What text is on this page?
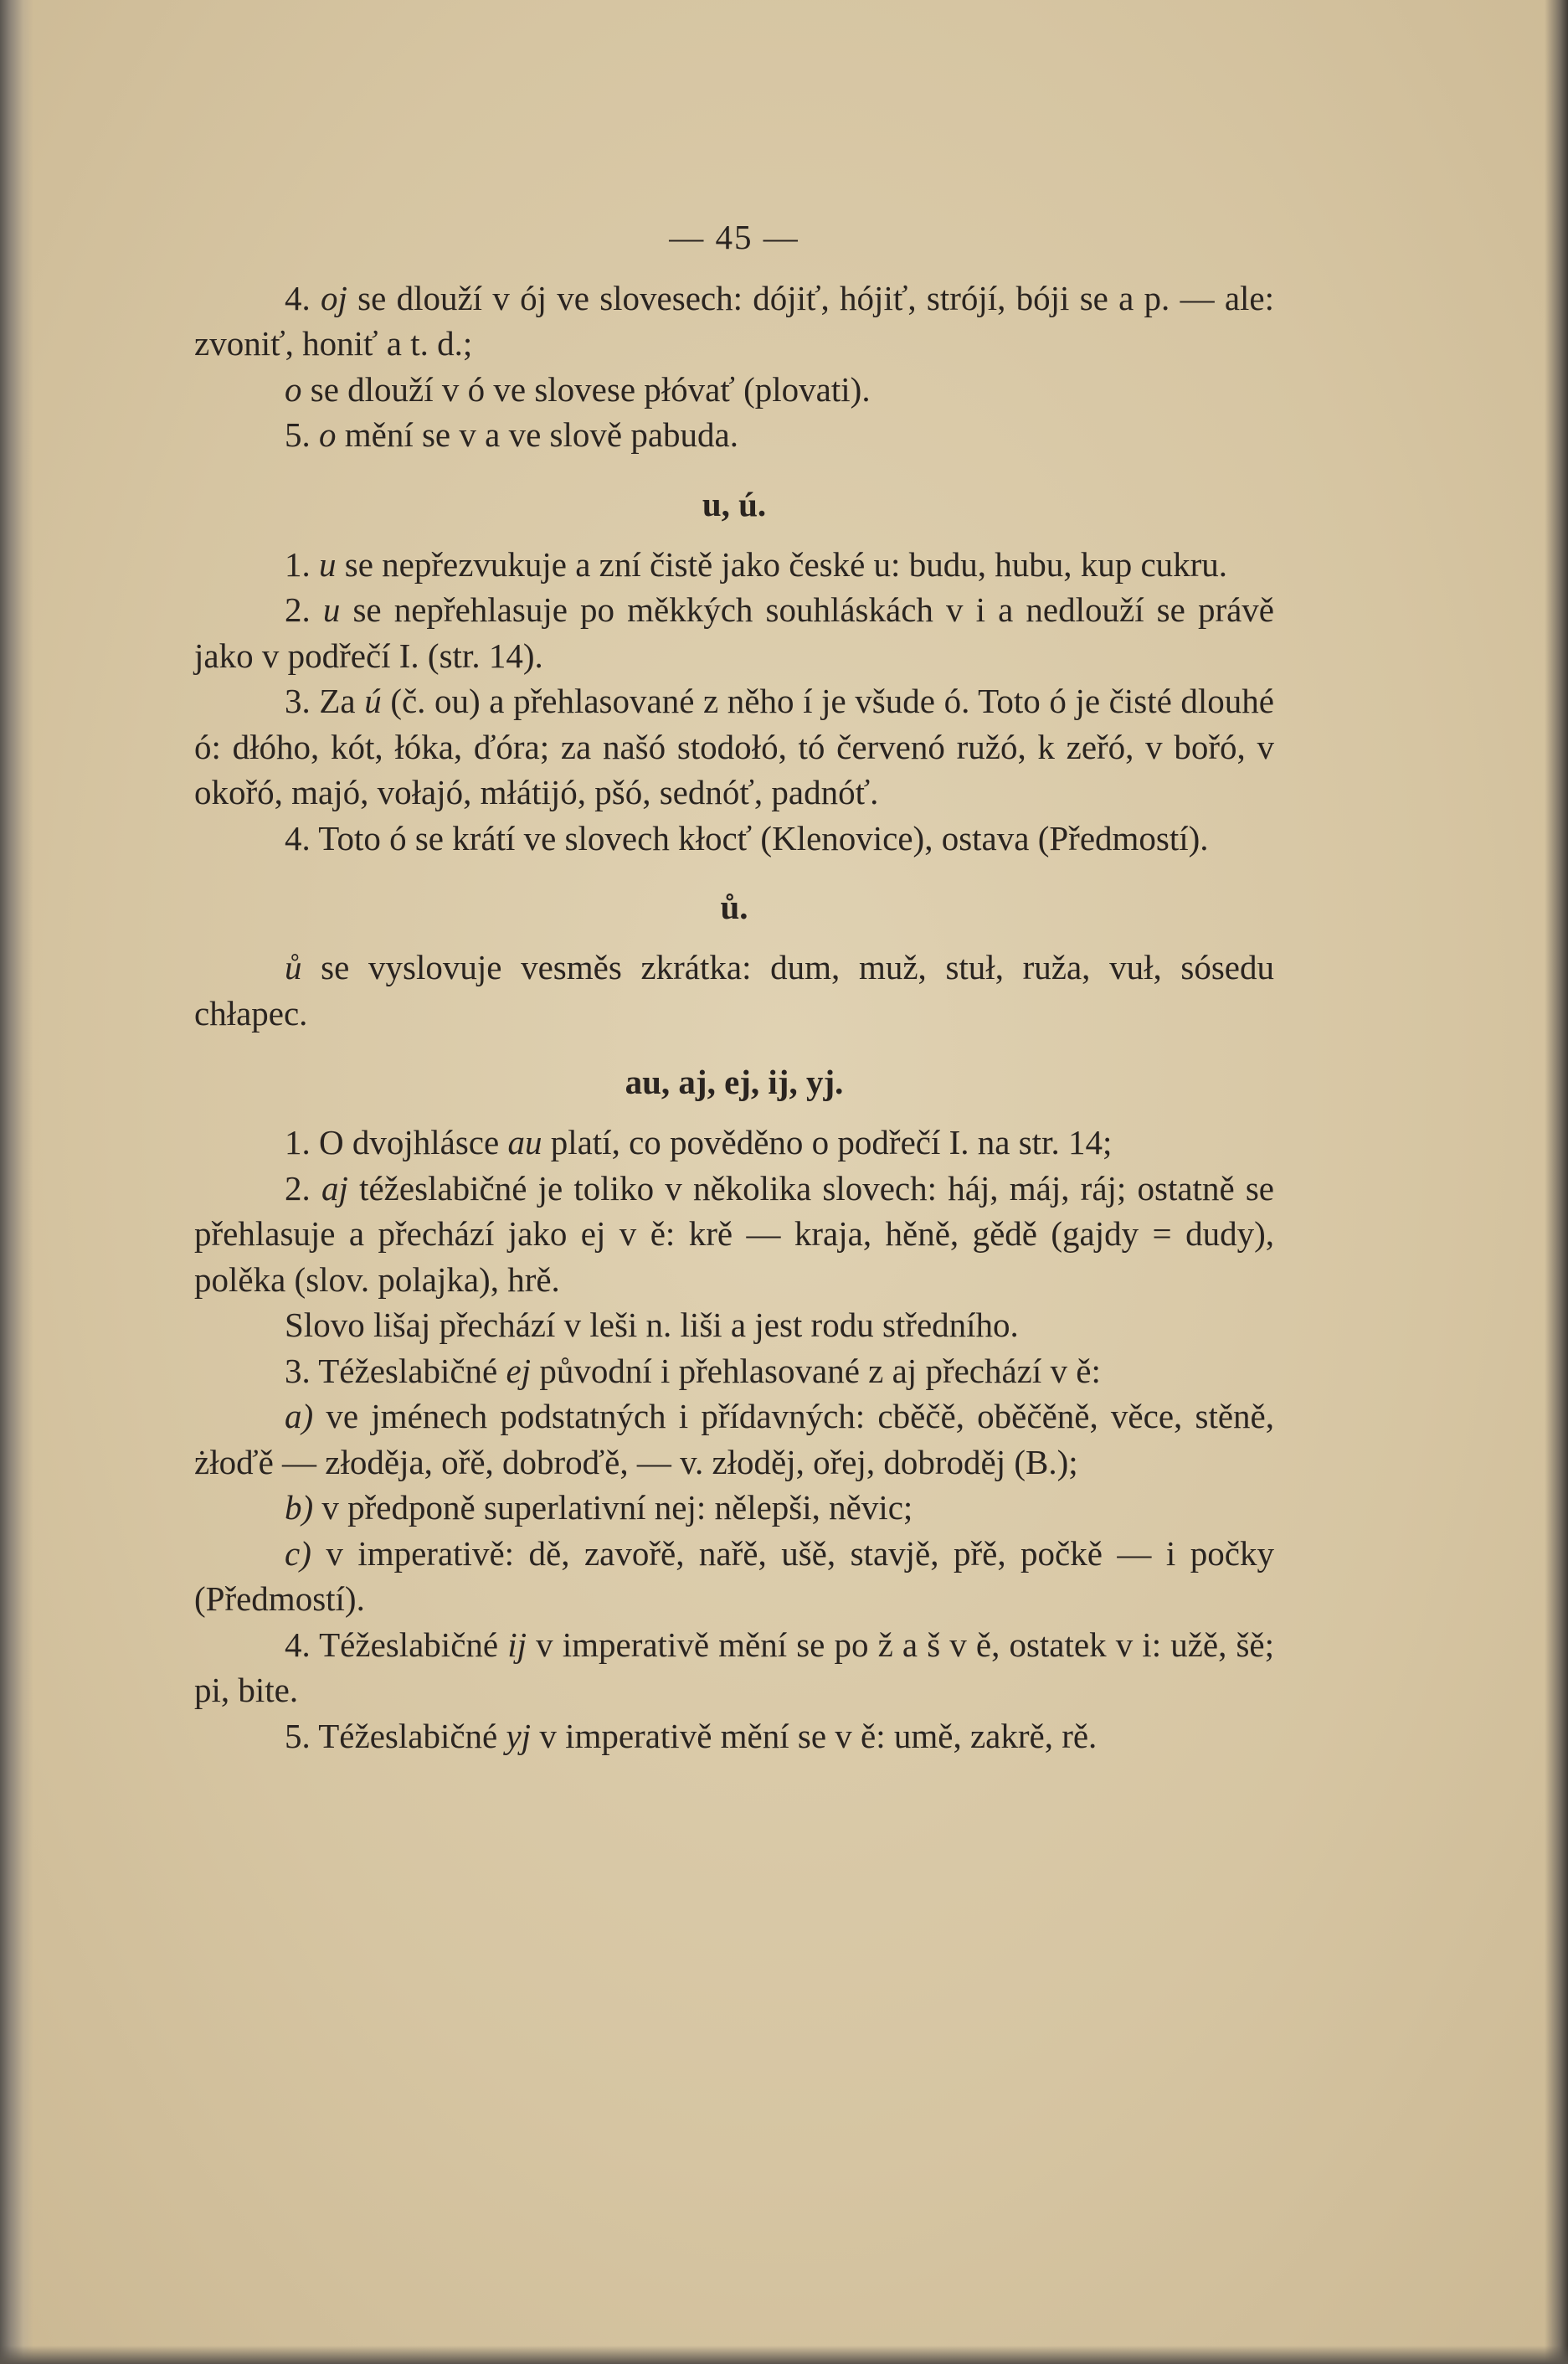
— 45 —

4. oj se dlouží v ój ve slovesech: dójiť, hójiť, strójí, bóji se a p. — ale: zvoniť, honiť a t. d.;

o se dlouží v ó ve slovese płóvať (plovati).

5. o mění se v a ve slově pabuda.

u, ú.

1. u se nepřezvukuje a zní čistě jako české u: budu, hubu, kup cukru.

2. u se nepřehlasuje po měkkých souhláskách v i a nedlouží se právě jako v podřečí I. (str. 14).

3. Za ú (č. ou) a přehlasované z něho í je všude ó. Toto ó je čisté dlouhé ó: dłóho, kót, łóka, ďóra; za našó stodołó, tó červenó ružó, k zeřó, v bořó, v okořó, majó, vołajó, młátijó, pšó, sednóť, padnóť.

4. Toto ó se krátí ve slovech kłocť (Klenovice), ostava (Předmostí).

ů.

ů se vyslovuje vesměs zkrátka: dum, muž, stuł, ruža, vuł, sósedu chłapec.

au, aj, ej, ij, yj.

1. O dvojhlásce au platí, co pověděno o podřečí I. na str. 14;

2. aj téžeslabičné je toliko v několika slovech: háj, máj, ráj; ostatně se přehlasuje a přechází jako ej v ě: krě — kraja, hěně, gědě (gajdy = dudy), polěka (slov. polajka), hrě.

Slovo lišaj přechází v leši n. liši a jest rodu středního.

3. Téžeslabičné ej původní i přehlasované z aj přechází v ě:

a) ve jménech podstatných i přídavných: cběčě, oběčěně, věce, stěně, żłoďě — złoděja, ořě, dobroďě, — v. złoděj, ořej, dobroděj (B.);

b) v předponě superlativní nej: nělepši, něvic;

c) v imperativě: dě, zavořě, nařě, ušě, stavjě, přě, počkě — i počky (Předmostí).

4. Téžeslabičné ij v imperativě mění se po ž a š v ě, ostatek v i: užě, šě; pi, bite.

5. Téžeslabičné yj v imperativě mění se v ě: umě, zakrě, rě.
